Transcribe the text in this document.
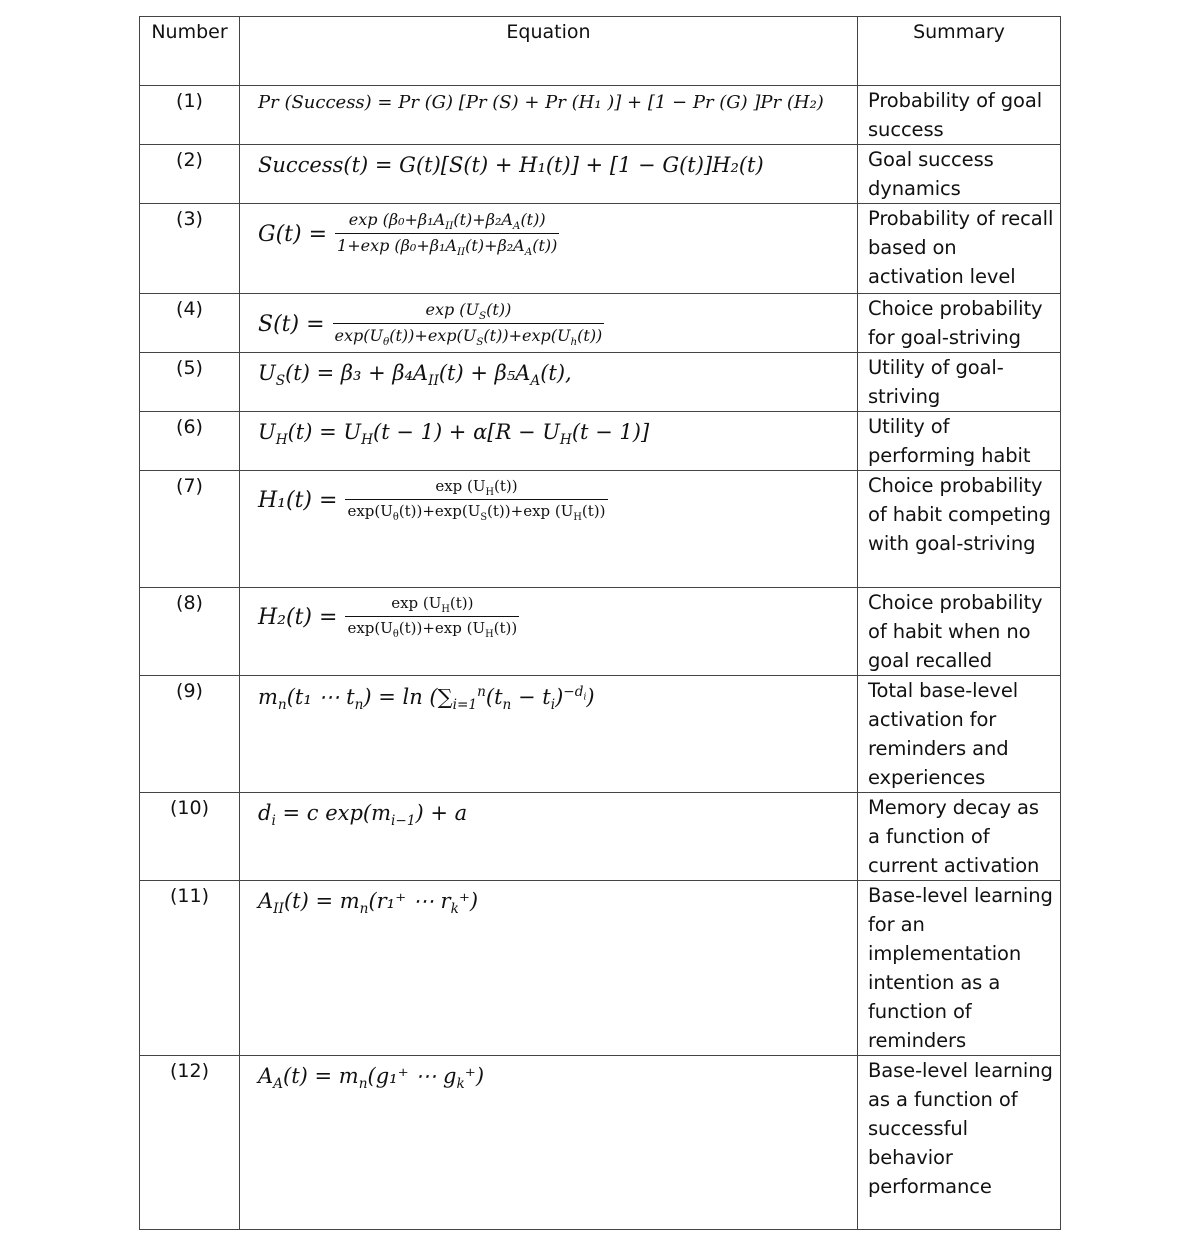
Number	Equation	Summary
(1)	Pr (Success) = Pr (G) [Pr (S) + Pr (H₁ )] + [1 − Pr (G) ]Pr (H₂)	Probability of goal success
(2)	Success(t) = G(t)[S(t) + H₁(t)] + [1 − G(t)]H₂(t)	Goal success dynamics
(3)	$G(t) = \frac{\exp (\beta_0+\beta_1A_{II}(t)+\beta_2A_A(t))}{1+\exp (\beta_0+\beta_1A_{II}(t)+\beta_2A_A(t))}$	Probability of recall based on activation level
(4)	$S(t) = \frac{\exp (U_S(t))}{\exp(U_\theta(t))+\exp(U_S(t))+\exp(U_h(t))}$	Choice probability for goal-striving
(5)	$U_S(t) = \beta_3 + \beta_4A_{II}(t) + \beta_5A_A(t)$,	Utility of goal-striving
(6)	$U_H(t) = U_H(t - 1) + \alpha[R - U_H(t - 1)]$	Utility of performing habit
(7)	$H_1(t) = \frac{\exp (U_H(t))}{\exp(U_\theta(t))+\exp(U_S(t))+\exp (U_H(t))}$	Choice probability of habit competing with goal-striving
(8)	$H_2(t) = \frac{\exp (U_H(t))}{\exp(U_\theta(t))+\exp (U_H(t))}$	Choice probability of habit when no goal recalled
(9)	$m_n(t_1$ ⋯ $t_n) = \ln (\sum_{i=1}^n(t_n - t_i)^{-d_i})$	Total base-level activation for reminders and experiences
(10)	$d_i = c$ $\exp(m_{i-1}) + a$	Memory decay as a function of current activation
(11)	$A_{II}(t) = m_n(r_1^+$ ⋯ $r_k^+$)	Base-level learning for an implementation intention as a function of reminders
(12)	$A_A(t) = m_n(g_1^+$ ⋯ $g_k^+$)	Base-level learning as a function of successful behavior performance
